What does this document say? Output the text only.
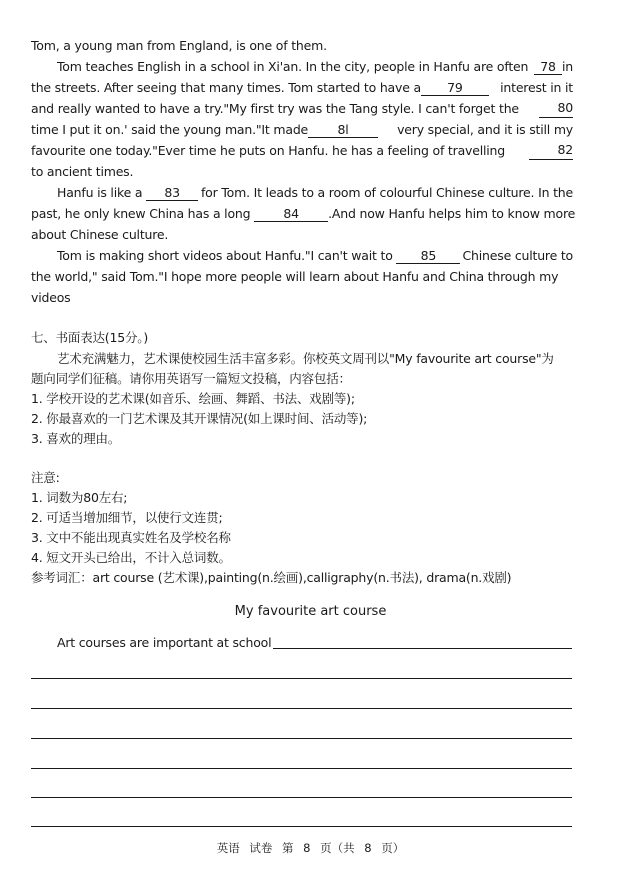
Tom, a young man from England, is one of them.
Tom teaches English in a school in Xi'an. In the city, people in Hanfu are often 78 in
the streets. After seeing that many times. Tom started to have a 79	interest in it
and really wanted to have a try."My first try was the Tang style. I can't forget the	80
time I put it on.' said the young man."It made 8l	very special, and it is still my
favourite one today."Ever time he puts on Hanfu. he has a feeling of travelling	82
to ancient times.
Hanfu is like a 83	for Tom. It leads to a room of colourful Chinese culture. In the
past, he only knew China has a long	84	.And now Hanfu helps him to know more
about Chinese culture.
Tom is making short videos about Hanfu."I can't wait to 85	Chinese culture to
the world," said Tom."I hope more people will learn about Hanfu and China through my
videos
七、书面表达(15分。)
艺术充满魅力，艺术课使校园生活丰富多彩。你校英文周刊以"My favourite art course"为
题向同学们征稿。请你用英语写一篇短文投稿，内容包括：
1. 学校开设的艺术课(如音乐、绘画、舞蹈、书法、戏剧等);
2. 你最喜欢的一门艺术课及其开课情况(如上课时间、活动等);
3. 喜欢的理由。
注意:
1. 词数为80左右;
2. 可适当增加细节，以使行文连贯;
3. 文中不能出现真实姓名及学校名称
4. 短文开头已给出，不计入总词数。
参考词汇：art course (艺术课),painting(n.绘画),calligraphy(n.书法), drama(n.戏剧)
My favourite art course
Art courses are important at school
英语 试卷 第 8 页（共 8 页）
